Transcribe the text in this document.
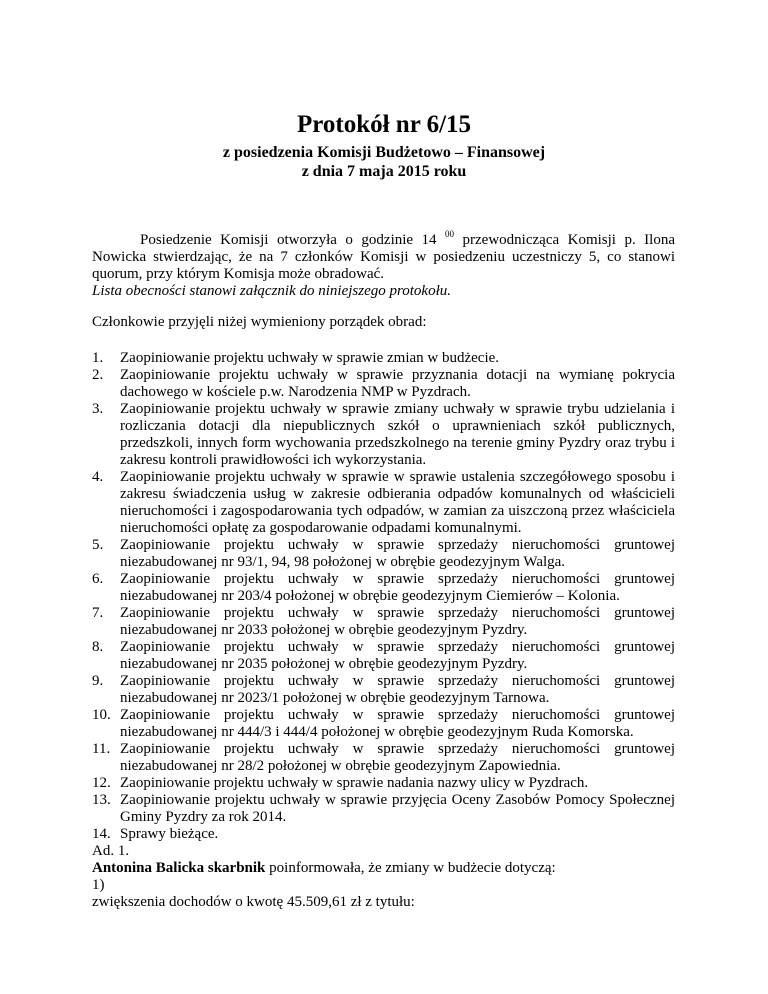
Protokół nr 6/15
z posiedzenia Komisji Budżetowo – Finansowej
z dnia 7 maja 2015 roku

Posiedzenie Komisji otworzyła o godzinie 14 $^{00}$ przewodnicząca Komisji p. Ilona Nowicka stwierdzając, że na 7 członków Komisji w posiedzeniu uczestniczy 5, co stanowi quorum, przy którym Komisja może obradować.

Lista obecności stanowi załącznik do niniejszego protokołu.
Członkowie przyjęli niżej wymieniony porządek obrad:
1.	Zaopiniowanie projektu uchwały w sprawie zmian w budżecie.
2.	Zaopiniowanie projektu uchwały w sprawie przyznania dotacji na wymianę pokrycia dachowego w kościele p.w. Narodzenia NMP w Pyzdrach.
3.	Zaopiniowanie projektu uchwały w sprawie zmiany uchwały w sprawie trybu udzielania i rozliczania dotacji dla niepublicznych szkół o uprawnieniach szkół publicznych, przedszkoli, innych form wychowania przedszkolnego na terenie gminy Pyzdry oraz trybu i zakresu kontroli prawidłowości ich wykorzystania.
4.	Zaopiniowanie projektu uchwały w sprawie w sprawie ustalenia szczegółowego sposobu i zakresu świadczenia usług w zakresie odbierania odpadów komunalnych od właścicieli nieruchomości i zagospodarowania tych odpadów, w zamian za uiszczoną przez właściciela nieruchomości opłatę za gospodarowanie odpadami komunalnymi.
5.	Zaopiniowanie projektu uchwały w sprawie sprzedaży nieruchomości gruntowej niezabudowanej nr 93/1, 94, 98 położonej w obrębie geodezyjnym Walga.
6.	Zaopiniowanie projektu uchwały w sprawie sprzedaży nieruchomości gruntowej niezabudowanej nr 203/4 położonej w obrębie geodezyjnym Ciemierów – Kolonia.
7.	Zaopiniowanie projektu uchwały w sprawie sprzedaży nieruchomości gruntowej niezabudowanej nr 2033 położonej w obrębie geodezyjnym Pyzdry.
8.	Zaopiniowanie projektu uchwały w sprawie sprzedaży nieruchomości gruntowej niezabudowanej nr 2035 położonej w obrębie geodezyjnym Pyzdry.
9.	Zaopiniowanie projektu uchwały w sprawie sprzedaży nieruchomości gruntowej niezabudowanej nr 2023/1 położonej w obrębie geodezyjnym Tarnowa.
10. Zaopiniowanie projektu uchwały w sprawie sprzedaży nieruchomości gruntowej niezabudowanej nr 444/3 i 444/4 położonej w obrębie geodezyjnym Ruda Komorska.
11. Zaopiniowanie projektu uchwały w sprawie sprzedaży nieruchomości gruntowej niezabudowanej nr 28/2 położonej w obrębie geodezyjnym Zapowiednia.
12. Zaopiniowanie projektu uchwały w sprawie nadania nazwy ulicy w Pyzdrach.
13. Zaopiniowanie projektu uchwały w sprawie przyjęcia Oceny Zasobów Pomocy Społecznej Gminy Pyzdry za rok 2014.
14. Sprawy bieżące.
Ad. 1.
Antonina Balicka skarbnik poinformowała, że zmiany w budżecie dotyczą:
1)
zwiększenia dochodów o kwotę 45.509,61 zł z tytułu:
